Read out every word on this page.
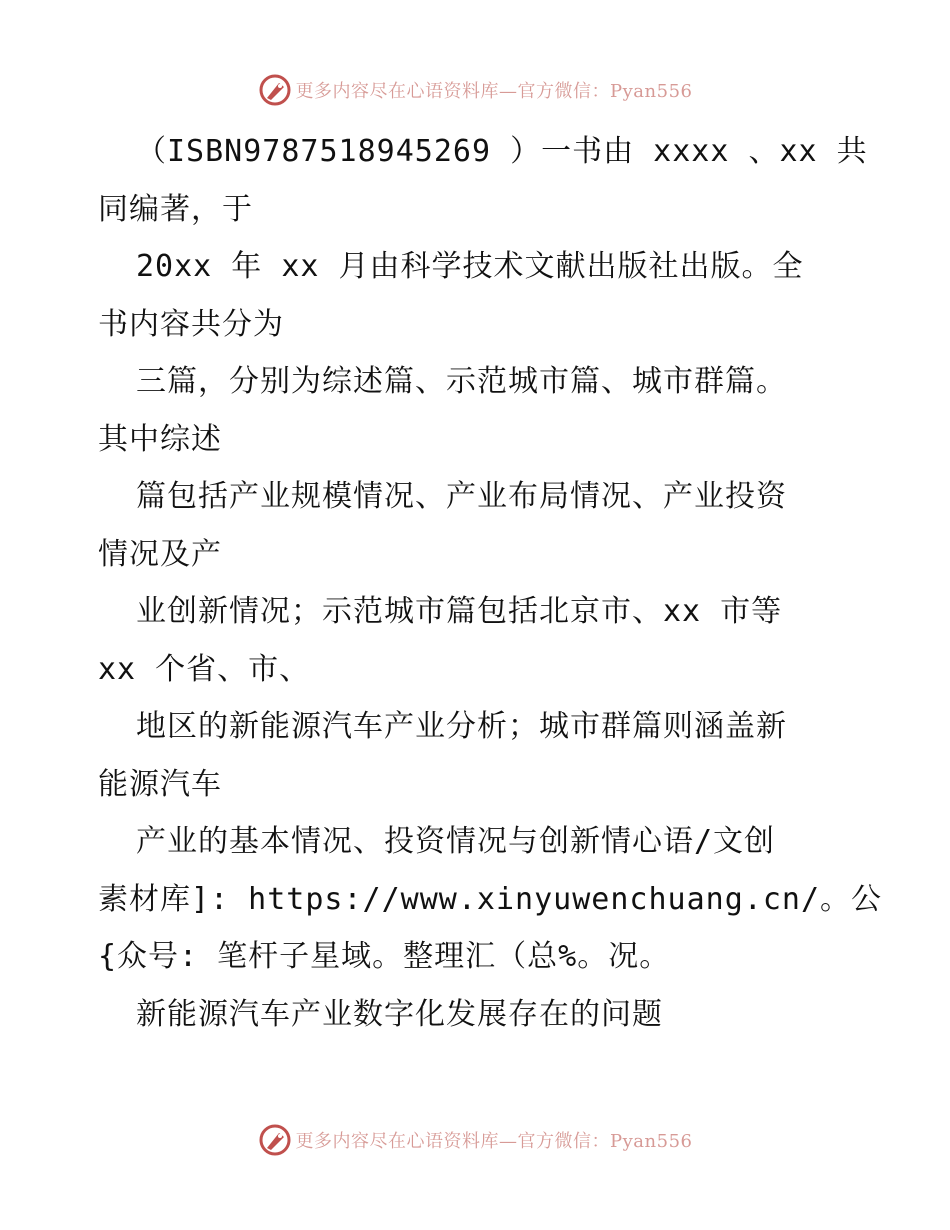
更多内容尽在心语资料库—官方微信：Pyan556
（ISBN9787518945269 ）一书由 xxxx 、xx 共
同编著，于
20xx 年 xx 月由科学技术文献出版社出版。全
书内容共分为
三篇，分别为综述篇、示范城市篇、城市群篇。
其中综述
篇包括产业规模情况、产业布局情况、产业投资
情况及产
业创新情况；示范城市篇包括北京市、xx 市等
xx 个省、市、
地区的新能源汽车产业分析；城市群篇则涵盖新
能源汽车
产业的基本情况、投资情况与创新情心语/文创
素材库]: https://www.xinyuwenchuang.cn/。公
{众号: 笔杆子星域。整理汇（总%。况。
新能源汽车产业数字化发展存在的问题
更多内容尽在心语资料库—官方微信：Pyan556
